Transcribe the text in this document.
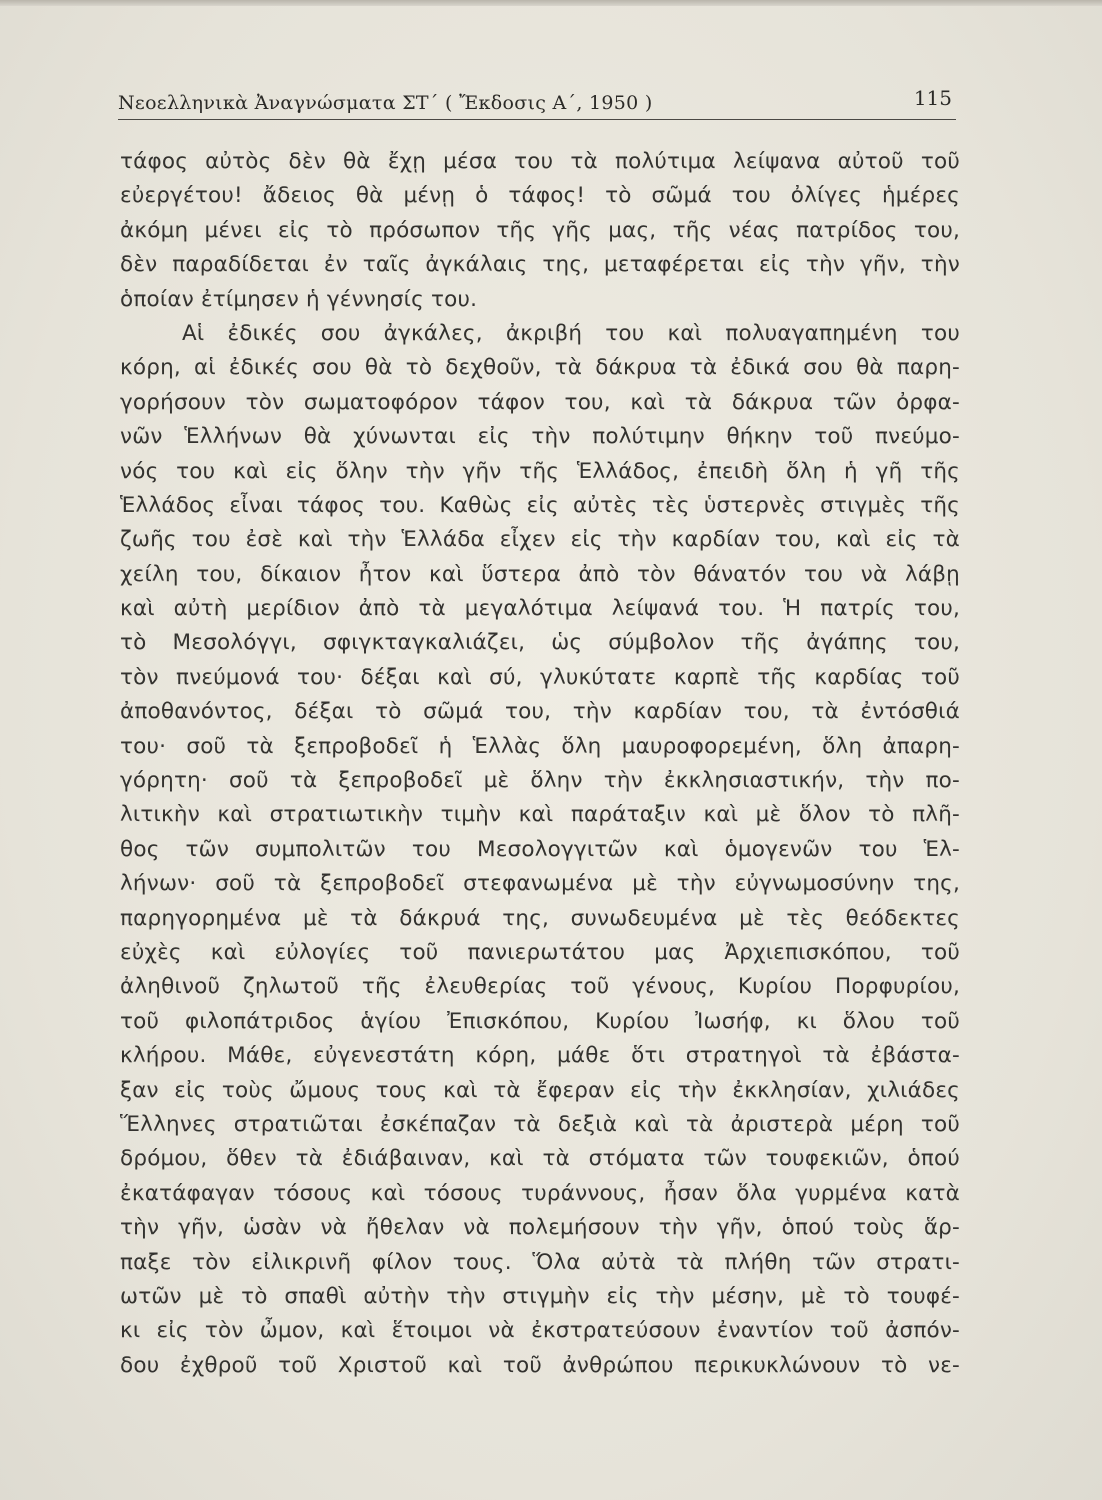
Νεοελληνικὰ Ἀναγνώσματα ΣΤ΄ ( Ἔκδοσις Α΄, 1950 )	115
τάφος αὐτὸς δὲν θὰ ἔχῃ μέσα του τὰ πολύτιμα λείψανα αὐτοῦ τοῦ
εὐεργέτου! ἄδειος θὰ μένῃ ὁ τάφος! τὸ σῶμά του ὀλίγες ἡμέρες
ἀκόμη μένει εἰς τὸ πρόσωπον τῆς γῆς μας, τῆς νέας πατρίδος του,
δὲν παραδίδεται ἐν ταῖς ἀγκάλαις της, μεταφέρεται εἰς τὴν γῆν, τὴν
ὁποίαν ἐτίμησεν ἡ γέννησίς του.
Αἱ ἐδικές σου ἀγκάλες, ἀκριβή του καὶ πολυαγαπημένη του
κόρη, αἱ ἐδικές σου θὰ τὸ δεχθοῦν, τὰ δάκρυα τὰ ἐδικά σου θὰ παρη-
γορήσουν τὸν σωματοφόρον τάφον του, καὶ τὰ δάκρυα τῶν ὀρφα-
νῶν Ἑλλήνων θὰ χύνωνται εἰς τὴν πολύτιμην θήκην τοῦ πνεύμο-
νός του καὶ εἰς ὅλην τὴν γῆν τῆς Ἑλλάδος, ἐπειδὴ ὅλη ἡ γῆ τῆς
Ἑλλάδος εἶναι τάφος του. Καθὼς εἰς αὐτὲς τὲς ὑστερνὲς στιγμὲς τῆς
ζωῆς του ἐσὲ καὶ τὴν Ἑλλάδα εἶχεν εἰς τὴν καρδίαν του, καὶ εἰς τὰ
χείλη του, δίκαιον ἦτον καὶ ὕστερα ἀπὸ τὸν θάνατόν του νὰ λάβῃ
καὶ αὐτὴ μερίδιον ἀπὸ τὰ μεγαλότιμα λείψανά του. Ἡ πατρίς του,
τὸ Μεσολόγγι, σφιγκταγκαλιάζει, ὡς σύμβολον τῆς ἀγάπης του,
τὸν πνεύμονά του· δέξαι καὶ σύ, γλυκύτατε καρπὲ τῆς καρδίας τοῦ
ἀποθανόντος, δέξαι τὸ σῶμά του, τὴν καρδίαν του, τὰ ἐντόσθιά
του· σοῦ τὰ ξεπροβοδεῖ ἡ Ἑλλὰς ὅλη μαυροφορεμένη, ὅλη ἀπαρη-
γόρητη· σοῦ τὰ ξεπροβοδεῖ μὲ ὅλην τὴν ἐκκλησιαστικήν, τὴν πο-
λιτικὴν καὶ στρατιωτικὴν τιμὴν καὶ παράταξιν καὶ μὲ ὅλον τὸ πλῆ-
θος τῶν συμπολιτῶν του Μεσολογγιτῶν καὶ ὁμογενῶν του Ἑλ-
λήνων· σοῦ τὰ ξεπροβοδεῖ στεφανωμένα μὲ τὴν εὐγνωμοσύνην της,
παρηγορημένα μὲ τὰ δάκρυά της, συνωδευμένα μὲ τὲς θεόδεκτες
εὐχὲς καὶ εὐλογίες τοῦ πανιερωτάτου μας Ἀρχιεπισκόπου, τοῦ
ἀληθινοῦ ζηλωτοῦ τῆς ἐλευθερίας τοῦ γένους, Κυρίου Πορφυρίου,
τοῦ φιλοπάτριδος ἁγίου Ἐπισκόπου, Κυρίου Ἰωσήφ, κι ὅλου τοῦ
κλήρου. Μάθε, εὐγενεστάτη κόρη, μάθε ὅτι στρατηγοὶ τὰ ἐβάστα-
ξαν εἰς τοὺς ὤμους τους καὶ τὰ ἔφεραν εἰς τὴν ἐκκλησίαν, χιλιάδες
Ἕλληνες στρατιῶται ἐσκέπαζαν τὰ δεξιὰ καὶ τὰ ἀριστερὰ μέρη τοῦ
δρόμου, ὅθεν τὰ ἐδιάβαιναν, καὶ τὰ στόματα τῶν τουφεκιῶν, ὁπού
ἐκατάφαγαν τόσους καὶ τόσους τυράννους, ἦσαν ὅλα γυρμένα κατὰ
τὴν γῆν, ὡσὰν νὰ ἤθελαν νὰ πολεμήσουν τὴν γῆν, ὁπού τοὺς ἅρ-
παξε τὸν εἰλικρινῆ φίλον τους. Ὅλα αὐτὰ τὰ πλήθη τῶν στρατι-
ωτῶν μὲ τὸ σπαθὶ αὐτὴν τὴν στιγμὴν εἰς τὴν μέσην, μὲ τὸ τουφέ-
κι εἰς τὸν ὦμον, καὶ ἕτοιμοι νὰ ἐκστρατεύσουν ἐναντίον τοῦ ἀσπόν-
δου ἐχθροῦ τοῦ Χριστοῦ καὶ τοῦ ἀνθρώπου περικυκλώνουν τὸ νε-
